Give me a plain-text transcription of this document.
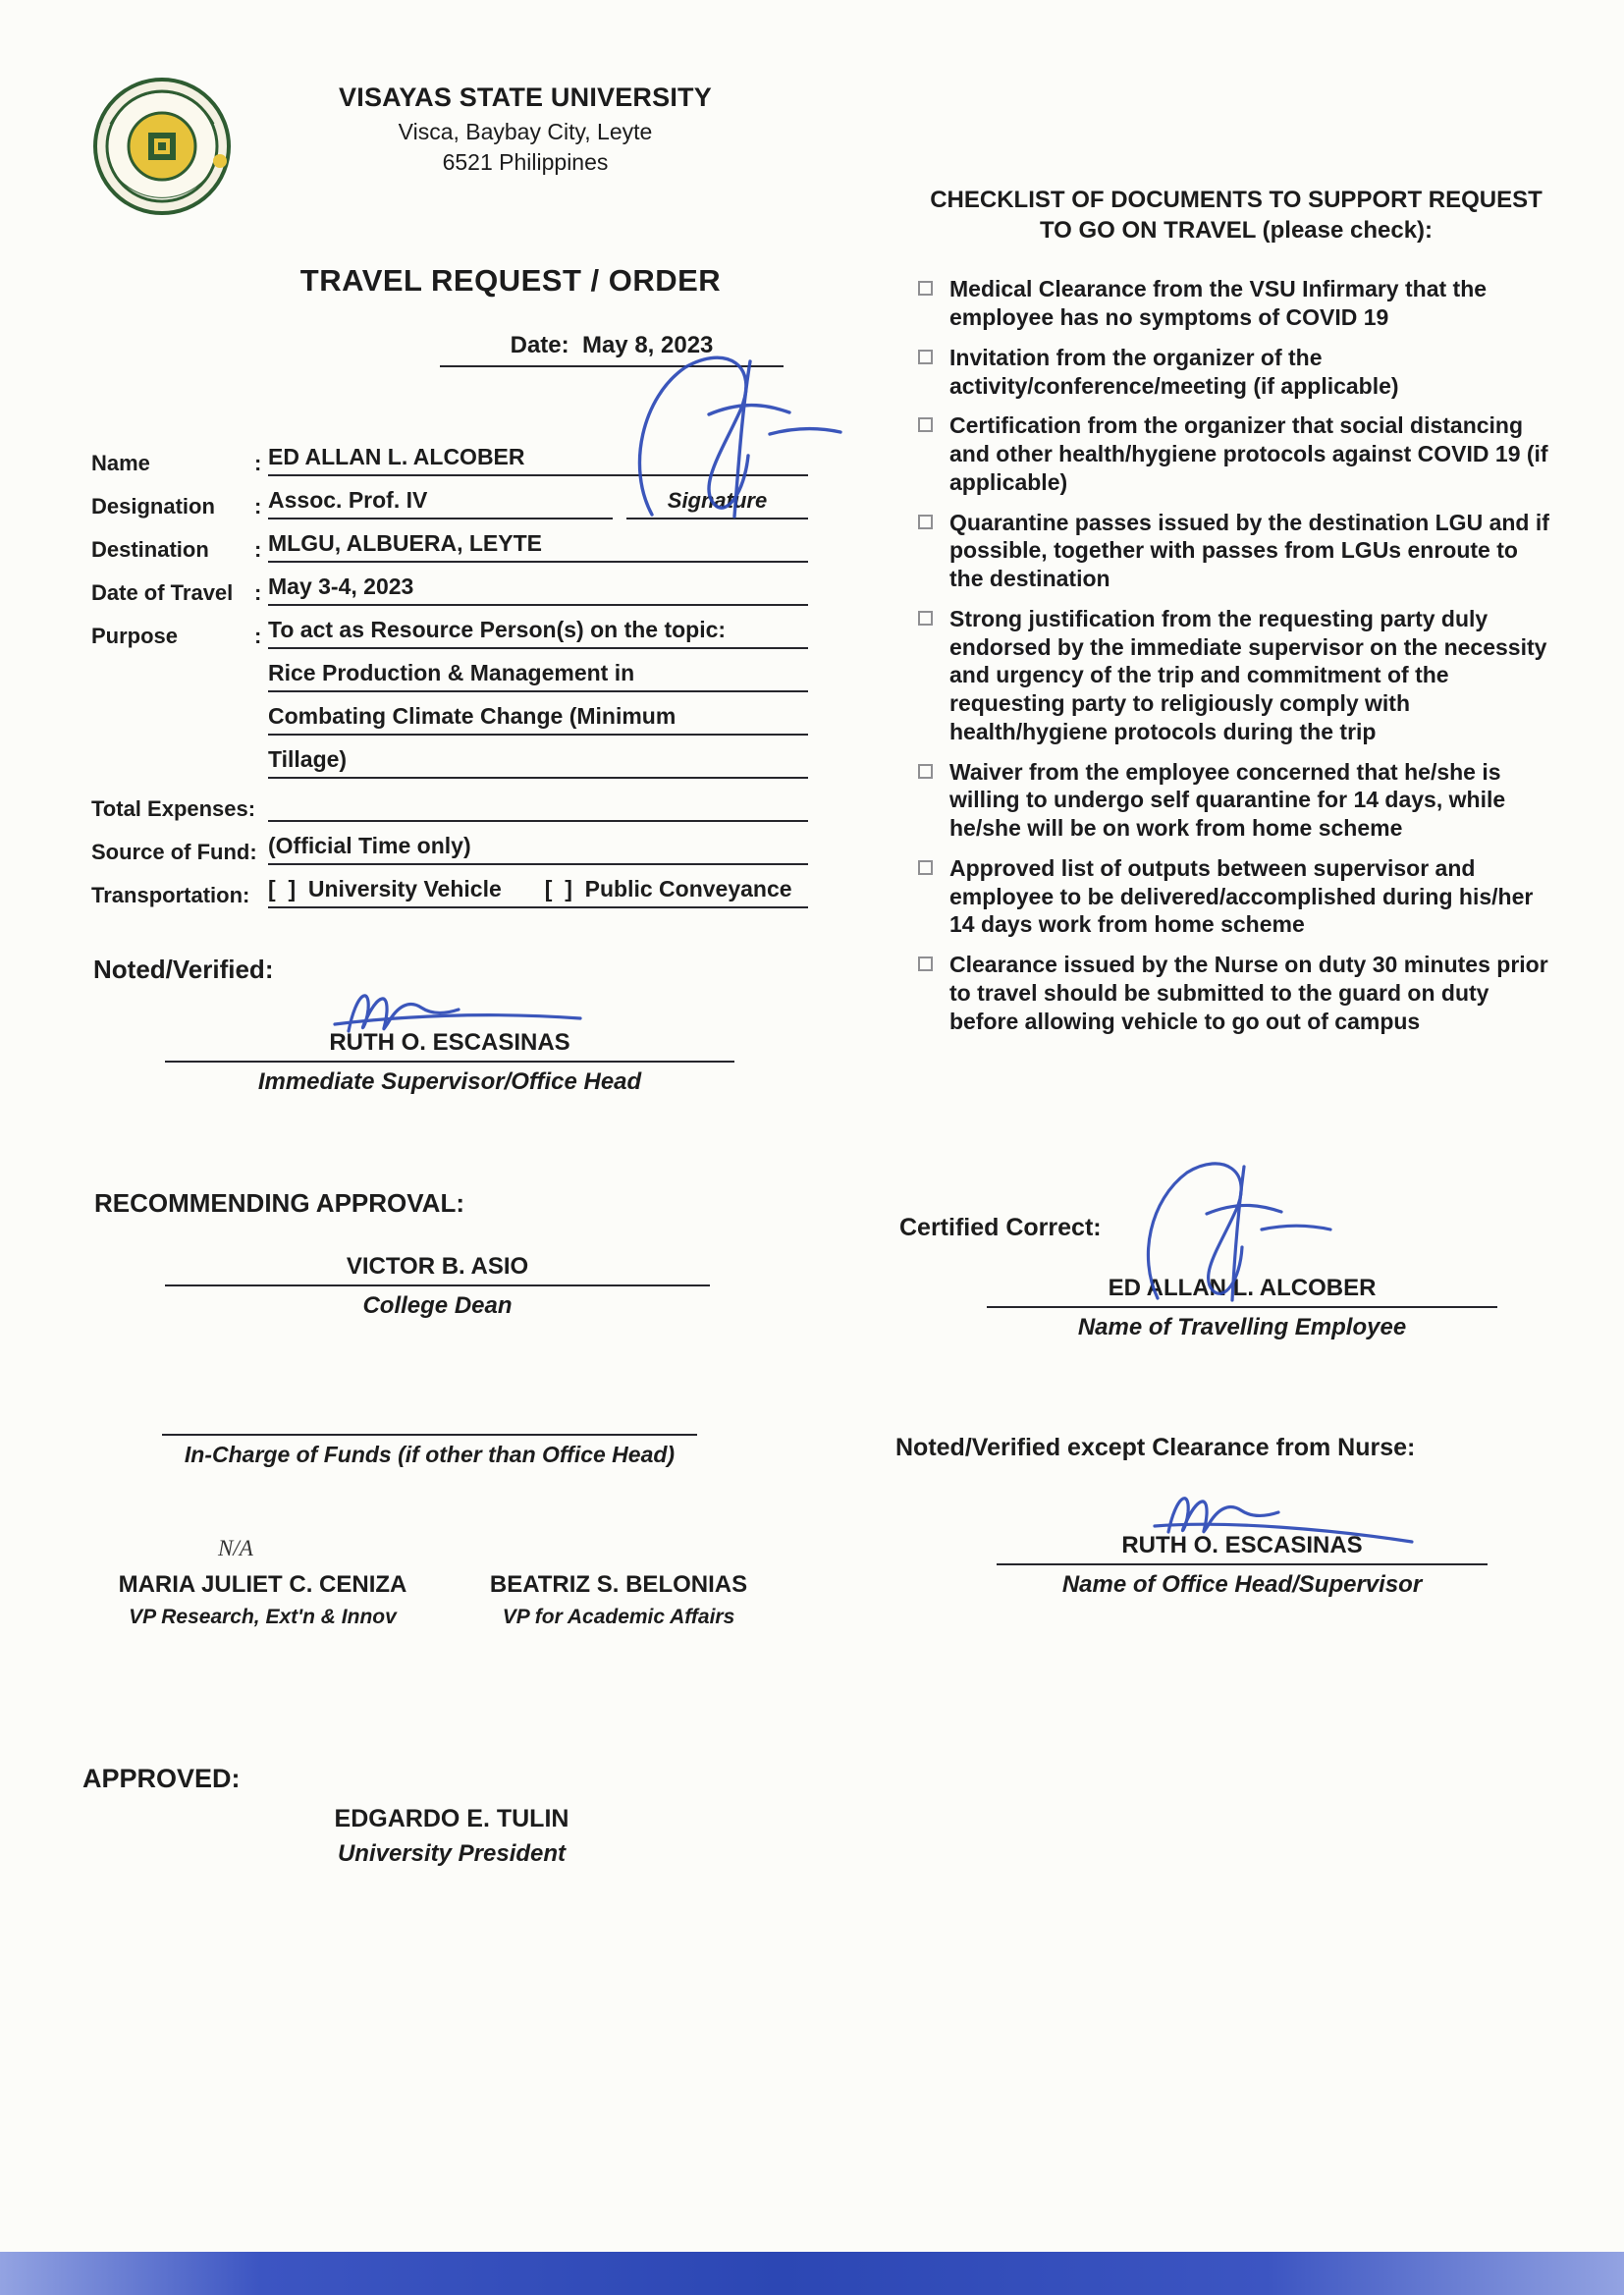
VISAYAS STATE UNIVERSITY
Visca, Baybay City, Leyte
6521 Philippines
TRAVEL REQUEST / ORDER
Date:  May 8, 2023
Name	: ED ALLAN L. ALCOBER
Designation	: Assoc. Prof. IV	Signature
Destination	: MLGU, ALBUERA, LEYTE
Date of Travel : May 3-4, 2023
Purpose	: To act as Resource Person(s) on the topic:
Rice Production & Management in
Combating Climate Change (Minimum
Tillage)
Total Expenses:

Source of Fund: (Official Time only)
Transportation: [  ]  University Vehicle [  ]  Public Conveyance
Noted/Verified:
RUTH O. ESCASINAS
Immediate Supervisor/Office Head
RECOMMENDING APPROVAL:
VICTOR B. ASIO
College Dean
In-Charge of Funds (if other than Office Head)
N/A
MARIA JULIET C. CENIZA
VP Research, Ext'n & Innov
BEATRIZ S. BELONIAS
VP for Academic Affairs
APPROVED:
EDGARDO E. TULIN
University President
CHECKLIST OF DOCUMENTS TO SUPPORT REQUEST
TO GO ON TRAVEL (please check):
Medical Clearance from the VSU Infirmary that the employee has no symptoms of COVID 19
Invitation from the organizer of the activity/conference/meeting (if applicable)
Certification from the organizer that social distancing and other health/hygiene protocols against COVID 19 (if applicable)
Quarantine passes issued by the destination LGU and if possible, together with passes from LGUs enroute to the destination
Strong justification from the requesting party duly endorsed by the immediate supervisor on the necessity and urgency of the trip and commitment of the requesting party to religiously comply with health/hygiene protocols during the trip
Waiver from the employee concerned that he/she is willing to undergo self quarantine for 14 days, while he/she will be on work from home scheme
Approved list of outputs between supervisor and employee to be delivered/accomplished during his/her 14 days work from home scheme
Clearance issued by the Nurse on duty 30 minutes prior to travel should be submitted to the guard on duty before allowing vehicle to go out of campus
Certified Correct:
ED ALLAN L. ALCOBER
Name of Travelling Employee
Noted/Verified except Clearance from Nurse:
RUTH O. ESCASINAS
Name of Office Head/Supervisor
